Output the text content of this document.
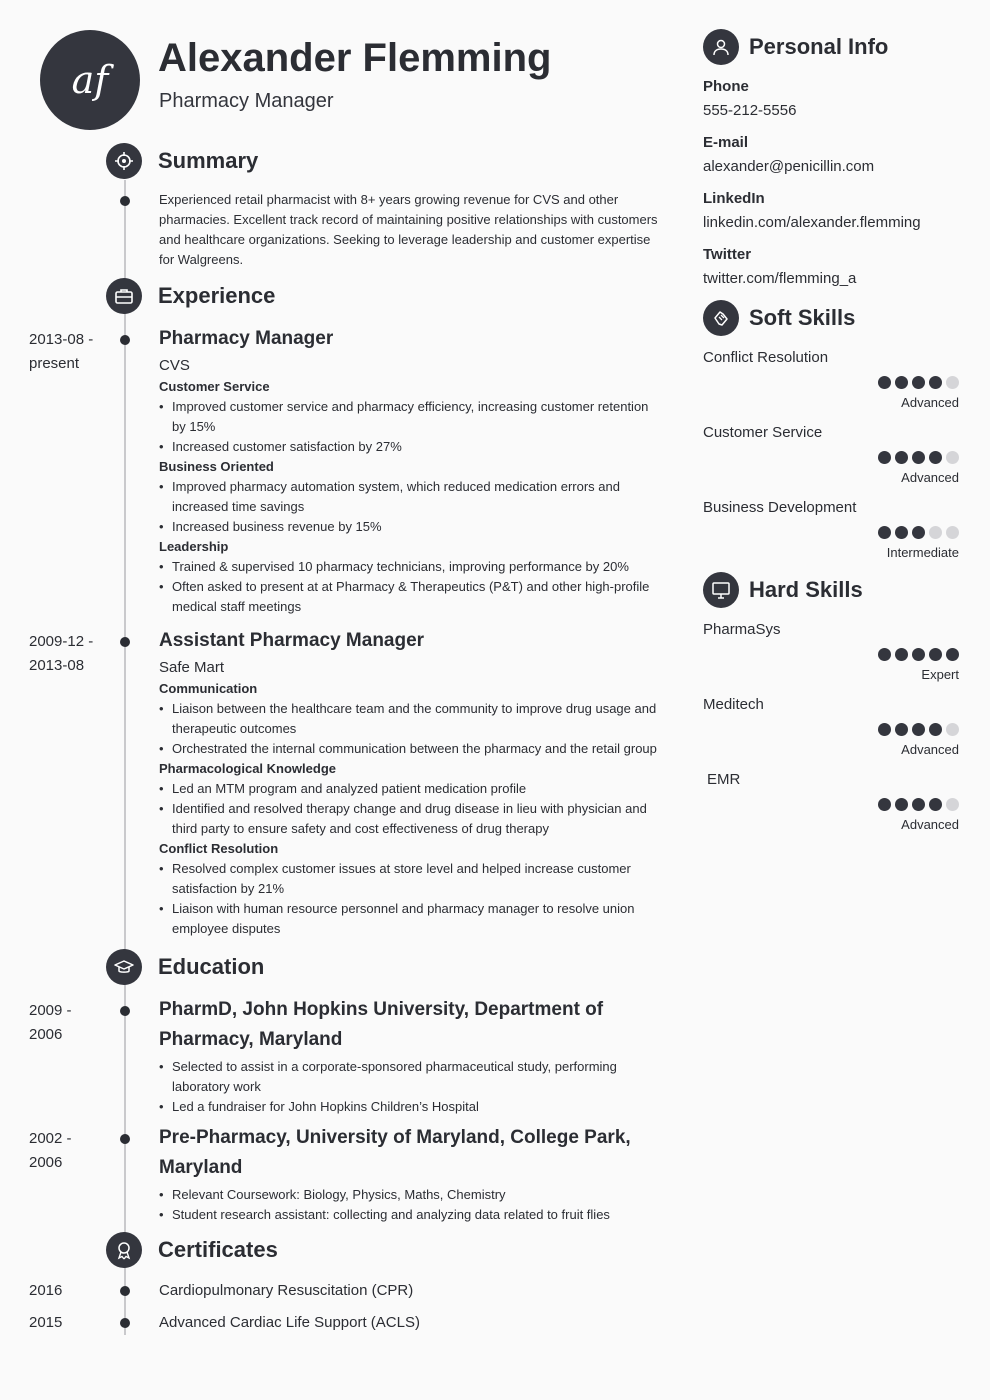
af Alexander Flemming
Pharmacy Manager
Summary
Experienced retail pharmacist with 8+ years growing revenue for CVS and other pharmacies. Excellent track record of maintaining positive relationships with customers and healthcare organizations. Seeking to leverage leadership and customer expertise for Walgreens.
Experience
2013-08 -
present
Pharmacy Manager
CVS
Customer Service
• Improved customer service and pharmacy efficiency, increasing customer retention by 15%
• Increased customer satisfaction by 27%
Business Oriented
• Improved pharmacy automation system, which reduced medication errors and increased time savings
• Increased business revenue by 15%
Leadership
• Trained & supervised 10 pharmacy technicians, improving performance by 20%
• Often asked to present at at Pharmacy & Therapeutics (P&T) and other high-profile medical staff meetings
2009-12 -
2013-08
Assistant Pharmacy Manager
Safe Mart
Communication
• Liaison between the healthcare team and the community to improve drug usage and therapeutic outcomes
• Orchestrated the internal communication between the pharmacy and the retail group
Pharmacological Knowledge
• Led an MTM program and analyzed patient medication profile
• Identified and resolved therapy change and drug disease in lieu with physician and third party to ensure safety and cost effectiveness of drug therapy
Conflict Resolution
• Resolved complex customer issues at store level and helped increase customer satisfaction by 21%
• Liaison with human resource personnel and pharmacy manager to resolve union employee disputes
Education
2009 -
2006
PharmD, John Hopkins University, Department of Pharmacy, Maryland
• Selected to assist in a corporate-sponsored pharmaceutical study, performing laboratory work
• Led a fundraiser for John Hopkins Children’s Hospital
2002 -
2006
Pre-Pharmacy, University of Maryland, College Park, Maryland
• Relevant Coursework: Biology, Physics, Maths, Chemistry
• Student research assistant: collecting and analyzing data related to fruit flies
Certificates
2016	Cardiopulmonary Resuscitation (CPR)
2015	Advanced Cardiac Life Support (ACLS)
Personal Info
Phone
555-212-5556
E-mail
alexander@penicillin.com
LinkedIn
linkedin.com/alexander.flemming
Twitter
twitter.com/flemming_a
Soft Skills
Conflict Resolution
Advanced
Customer Service
Advanced
Business Development
Intermediate
Hard Skills
PharmaSys
Expert
Meditech
Advanced
EMR
Advanced
